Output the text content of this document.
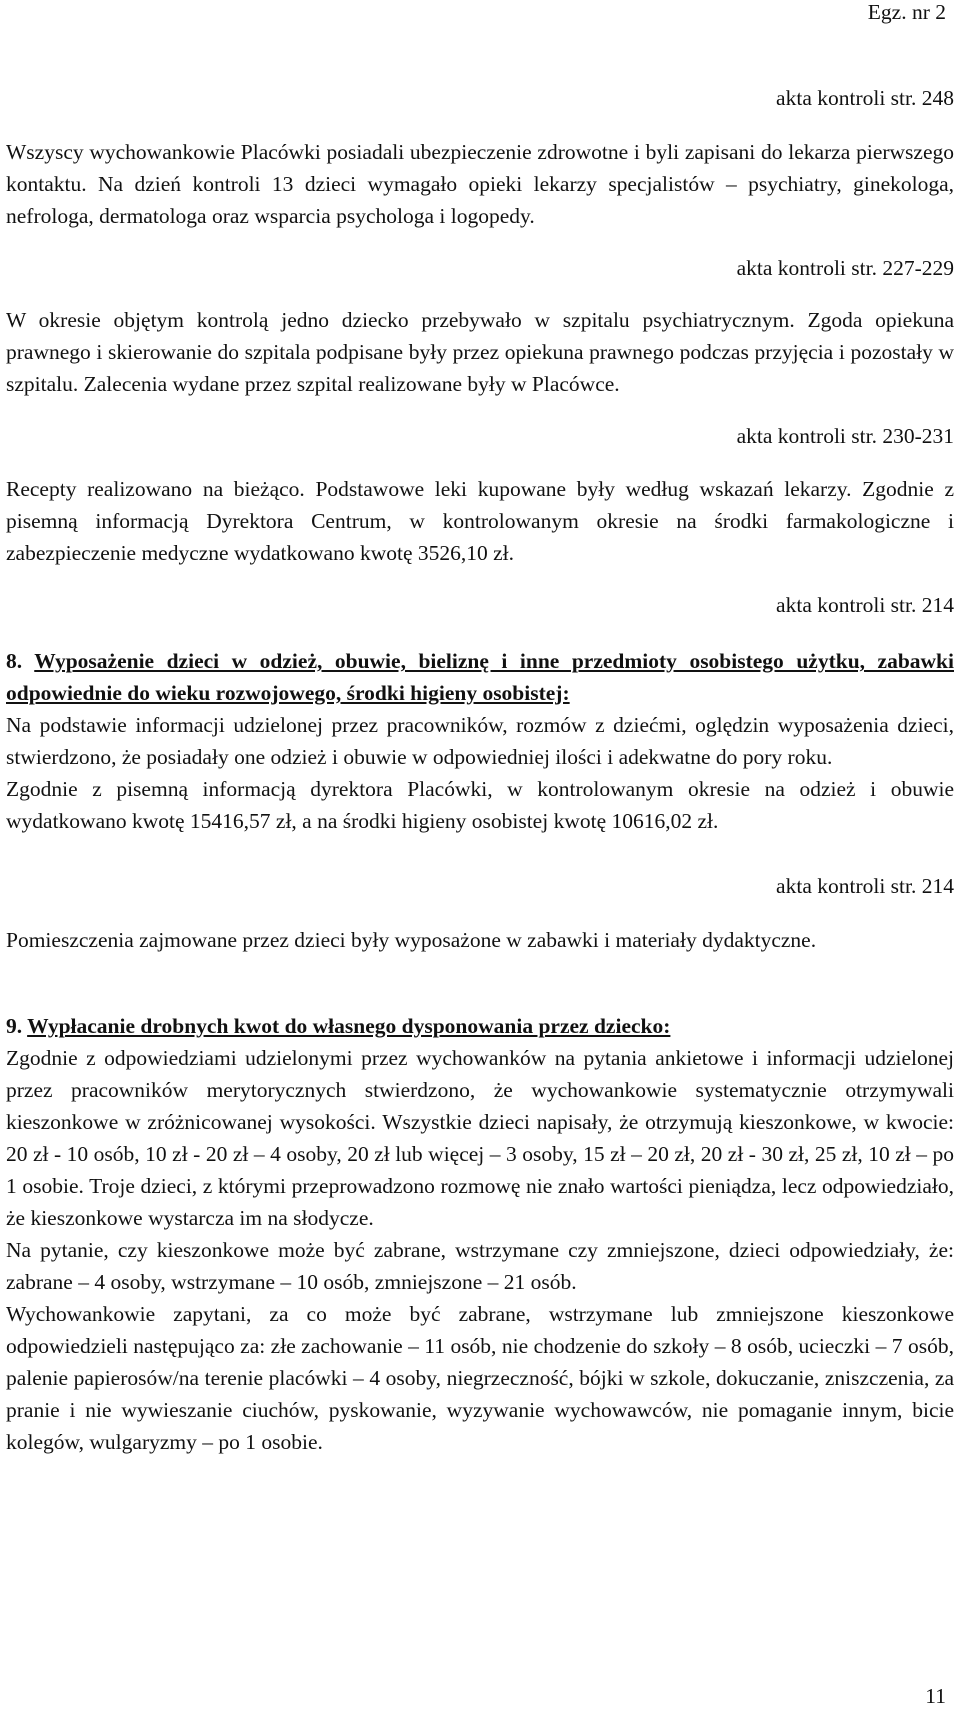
Egz. nr 2

akta kontroli str. 248

Wszyscy wychowankowie Placówki posiadali ubezpieczenie zdrowotne i byli zapisani do lekarza pierwszego kontaktu. Na dzień kontroli 13 dzieci wymagało opieki lekarzy specjalistów – psychiatry, ginekologa, nefrologa, dermatologa oraz wsparcia psychologa i logopedy.

akta kontroli str. 227-229

W okresie objętym kontrolą jedno dziecko przebywało w szpitalu psychiatrycznym. Zgoda opiekuna prawnego i skierowanie do szpitala podpisane były przez opiekuna prawnego podczas przyjęcia i pozostały w szpitalu. Zalecenia wydane przez szpital realizowane były w Placówce.

akta kontroli str. 230-231

Recepty realizowano na bieżąco. Podstawowe leki kupowane były według wskazań lekarzy. Zgodnie z pisemną informacją Dyrektora Centrum, w kontrolowanym okresie na środki farmakologiczne i zabezpieczenie medyczne wydatkowano kwotę 3526,10 zł.

akta kontroli str. 214

8. Wyposażenie dzieci w odzież, obuwie, bieliznę i inne przedmioty osobistego użytku, zabawki odpowiednie do wieku rozwojowego, środki higieny osobistej:

Na podstawie informacji udzielonej przez pracowników, rozmów z dziećmi, oględzin wyposażenia dzieci, stwierdzono, że posiadały one odzież i obuwie w odpowiedniej ilości i adekwatne do pory roku.

Zgodnie z pisemną informacją dyrektora Placówki, w kontrolowanym okresie na odzież i obuwie wydatkowano kwotę 15416,57 zł, a na środki higieny osobistej kwotę 10616,02 zł.

akta kontroli str. 214

Pomieszczenia zajmowane przez dzieci były wyposażone w zabawki i materiały dydaktyczne.

9. Wypłacanie drobnych kwot do własnego dysponowania przez dziecko:

Zgodnie z odpowiedziami udzielonymi przez wychowanków na pytania ankietowe i informacji udzielonej przez pracowników merytorycznych stwierdzono, że wychowankowie systematycznie otrzymywali kieszonkowe w zróżnicowanej wysokości. Wszystkie dzieci napisały, że otrzymują kieszonkowe, w kwocie: 20 zł - 10 osób, 10 zł - 20 zł – 4 osoby, 20 zł lub więcej – 3 osoby, 15 zł – 20 zł, 20 zł - 30 zł, 25 zł, 10 zł – po 1 osobie. Troje dzieci, z którymi przeprowadzono rozmowę nie znało wartości pieniądza, lecz odpowiedziało, że kieszonkowe wystarcza im na słodycze.

Na pytanie, czy kieszonkowe może być zabrane, wstrzymane czy zmniejszone, dzieci odpowiedziały, że: zabrane – 4 osoby, wstrzymane – 10 osób, zmniejszone – 21 osób.

Wychowankowie zapytani, za co może być zabrane, wstrzymane lub zmniejszone kieszonkowe odpowiedzieli następująco za: złe zachowanie – 11 osób, nie chodzenie do szkoły – 8 osób, ucieczki – 7 osób, palenie papierosów/na terenie placówki – 4 osoby, niegrzeczność, bójki w szkole, dokuczanie, zniszczenia, za pranie i nie wywieszanie ciuchów, pyskowanie, wyzywanie wychowawców, nie pomaganie innym, bicie kolegów, wulgaryzmy – po 1 osobie.

11
